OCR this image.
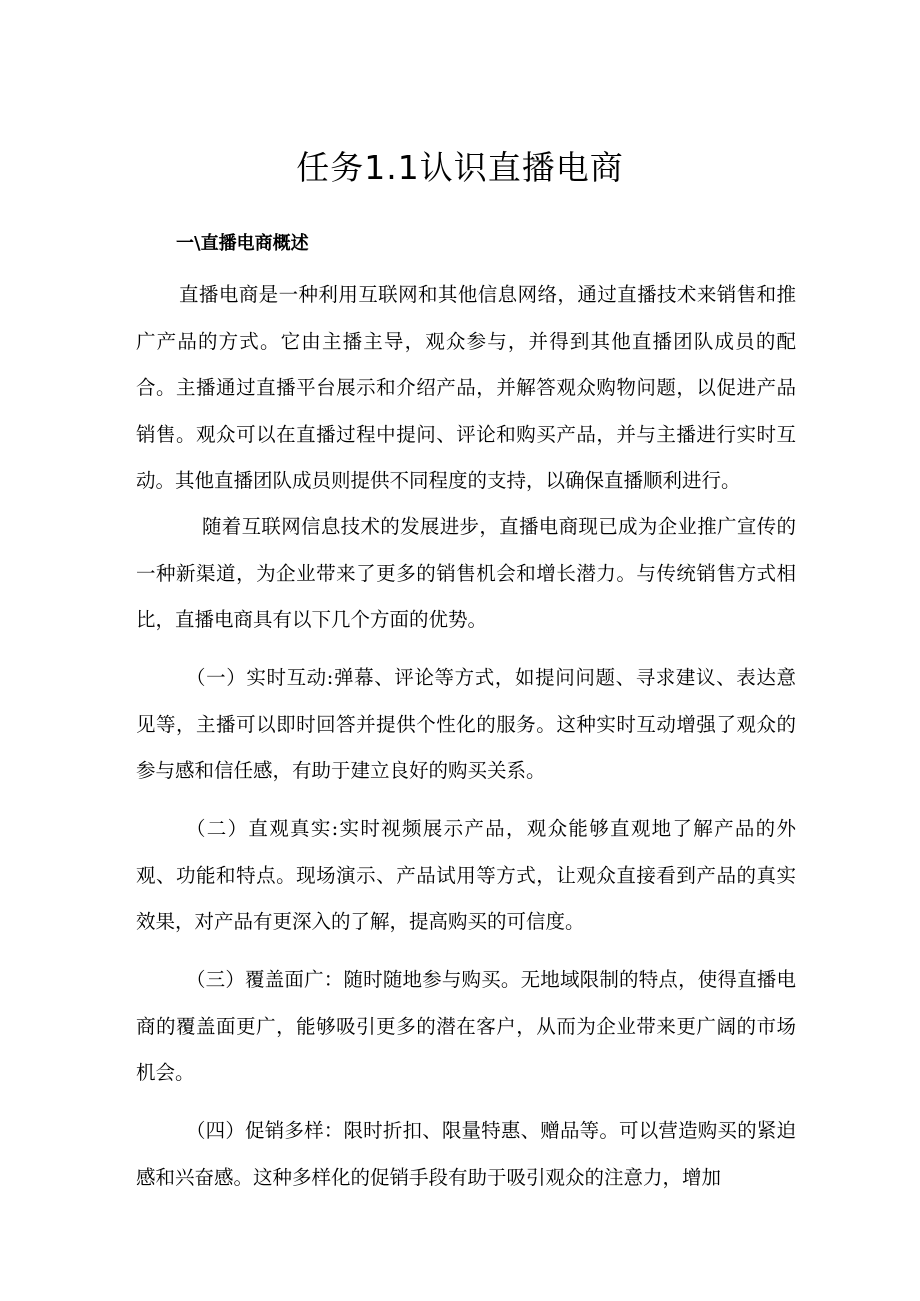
任务1.1认识直播电商
一\直播电商概述

直播电商是一种利用互联网和其他信息网络，通过直播技术来销售和推广产品的方式。它由主播主导，观众参与，并得到其他直播团队成员的配合。主播通过直播平台展示和介绍产品，并解答观众购物问题，以促进产品销售。观众可以在直播过程中提问、评论和购买产品，并与主播进行实时互动。其他直播团队成员则提供不同程度的支持，以确保直播顺利进行。

随着互联网信息技术的发展进步，直播电商现已成为企业推广宣传的一种新渠道，为企业带来了更多的销售机会和增长潜力。与传统销售方式相比，直播电商具有以下几个方面的优势。

（一）实时互动:弹幕、评论等方式，如提问问题、寻求建议、表达意见等，主播可以即时回答并提供个性化的服务。这种实时互动增强了观众的参与感和信任感，有助于建立良好的购买关系。

（二）直观真实:实时视频展示产品，观众能够直观地了解产品的外观、功能和特点。现场演示、产品试用等方式，让观众直接看到产品的真实效果，对产品有更深入的了解，提高购买的可信度。

（三）覆盖面广：随时随地参与购买。无地域限制的特点，使得直播电商的覆盖面更广，能够吸引更多的潜在客户，从而为企业带来更广阔的市场机会。

（四）促销多样：限时折扣、限量特惠、赠品等。可以营造购买的紧迫感和兴奋感。这种多样化的促销手段有助于吸引观众的注意力，增加
